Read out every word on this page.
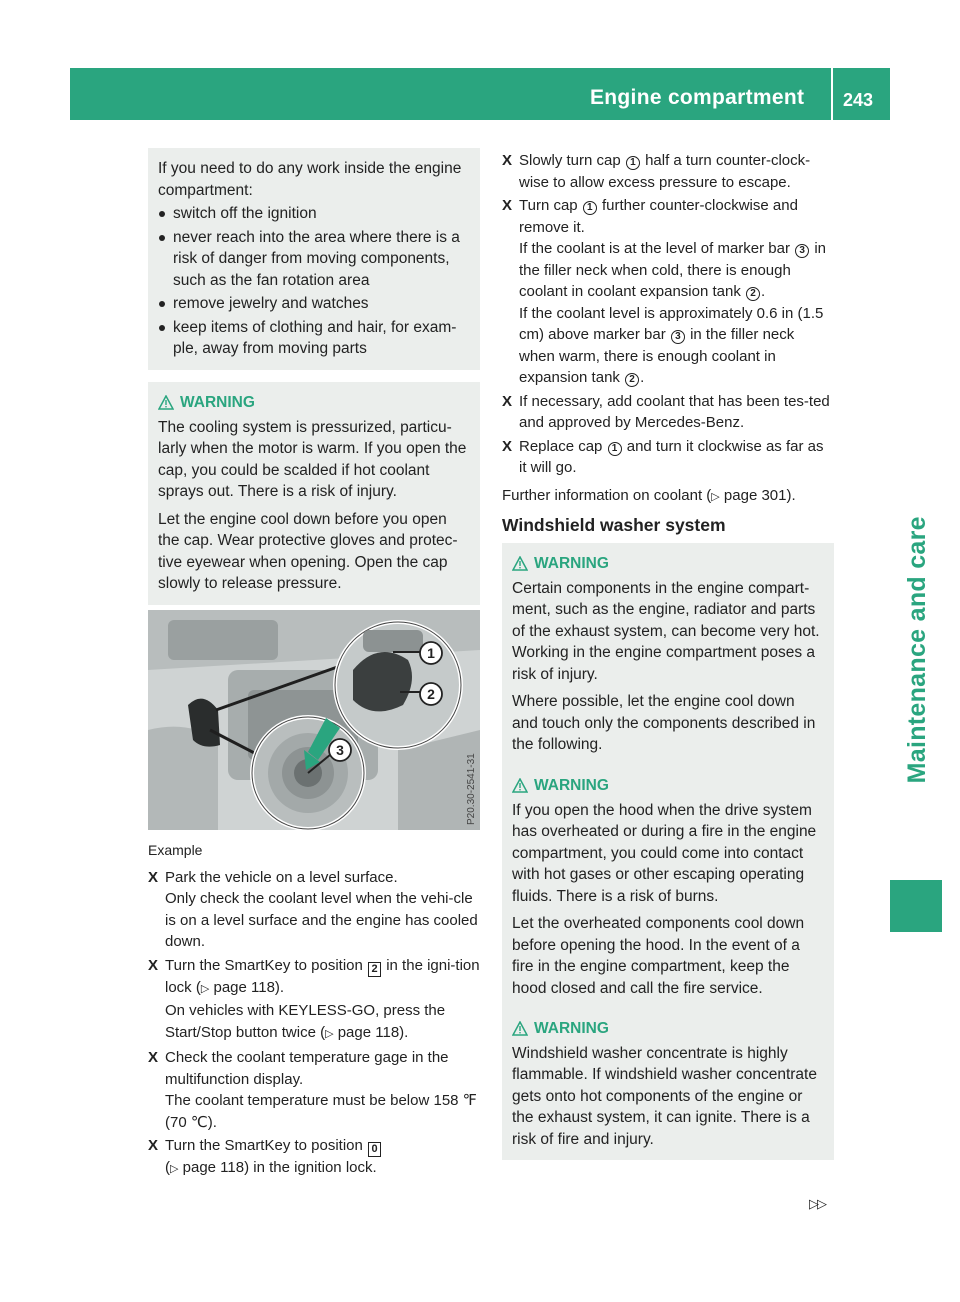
Engine compartment 243
Maintenance and care

If you need to do any work inside the engine compartment:

switch off the ignition

never reach into the area where there is a risk of danger from moving components, such as the fan rotation area

remove jewelry and watches

keep items of clothing and hair, for exam-ple, away from moving parts

WARNING

The cooling system is pressurized, particu-larly when the motor is warm. If you open the cap, you could be scalded if hot coolant sprays out. There is a risk of injury.

Let the engine cool down before you open the cap. Wear protective gloves and protec-tive eyewear when opening. Open the cap slowly to release pressure.

1
2
3
P20.30-2541-31

Example

X Park the vehicle on a level surface.
Only check the coolant level when the vehi-cle is on a level surface and the engine has cooled down.
X Turn the SmartKey to position 2 in the igni-tion lock (▷ page 118).
On vehicles with KEYLESS-GO, press the Start/Stop button twice (▷ page 118).
X Check the coolant temperature gage in the multifunction display.
The coolant temperature must be below 158 ℉ (70 ℃).
X Turn the SmartKey to position 0
(▷ page 118) in the ignition lock.
X Slowly turn cap 1 half a turn counter-clock-wise to allow excess pressure to escape.
X Turn cap 1 further counter-clockwise and remove it.
If the coolant is at the level of marker bar 3 in the filler neck when cold, there is enough coolant in coolant expansion tank 2 .
If the coolant level is approximately 0.6 in (1.5 cm) above marker bar 3 in the filler neck when warm, there is enough coolant in expansion tank 2 .
X If necessary, add coolant that has been tes-ted and approved by Mercedes-Benz.
X Replace cap 1 and turn it clockwise as far as it will go.

Further information on coolant (▷ page 301).

Windshield washer system
WARNING

Certain components in the engine compart-ment, such as the engine, radiator and parts of the exhaust system, can become very hot. Working in the engine compartment poses a risk of injury.

Where possible, let the engine cool down and touch only the components described in the following.

WARNING

If you open the hood when the drive system has overheated or during a fire in the engine compartment, you could come into contact with hot gases or other escaping operating fluids. There is a risk of burns.

Let the overheated components cool down before opening the hood. In the event of a fire in the engine compartment, keep the hood closed and call the fire service.

WARNING

Windshield washer concentrate is highly flammable. If windshield washer concentrate gets onto hot components of the engine or the exhaust system, it can ignite. There is a risk of fire and injury.

▷▷
